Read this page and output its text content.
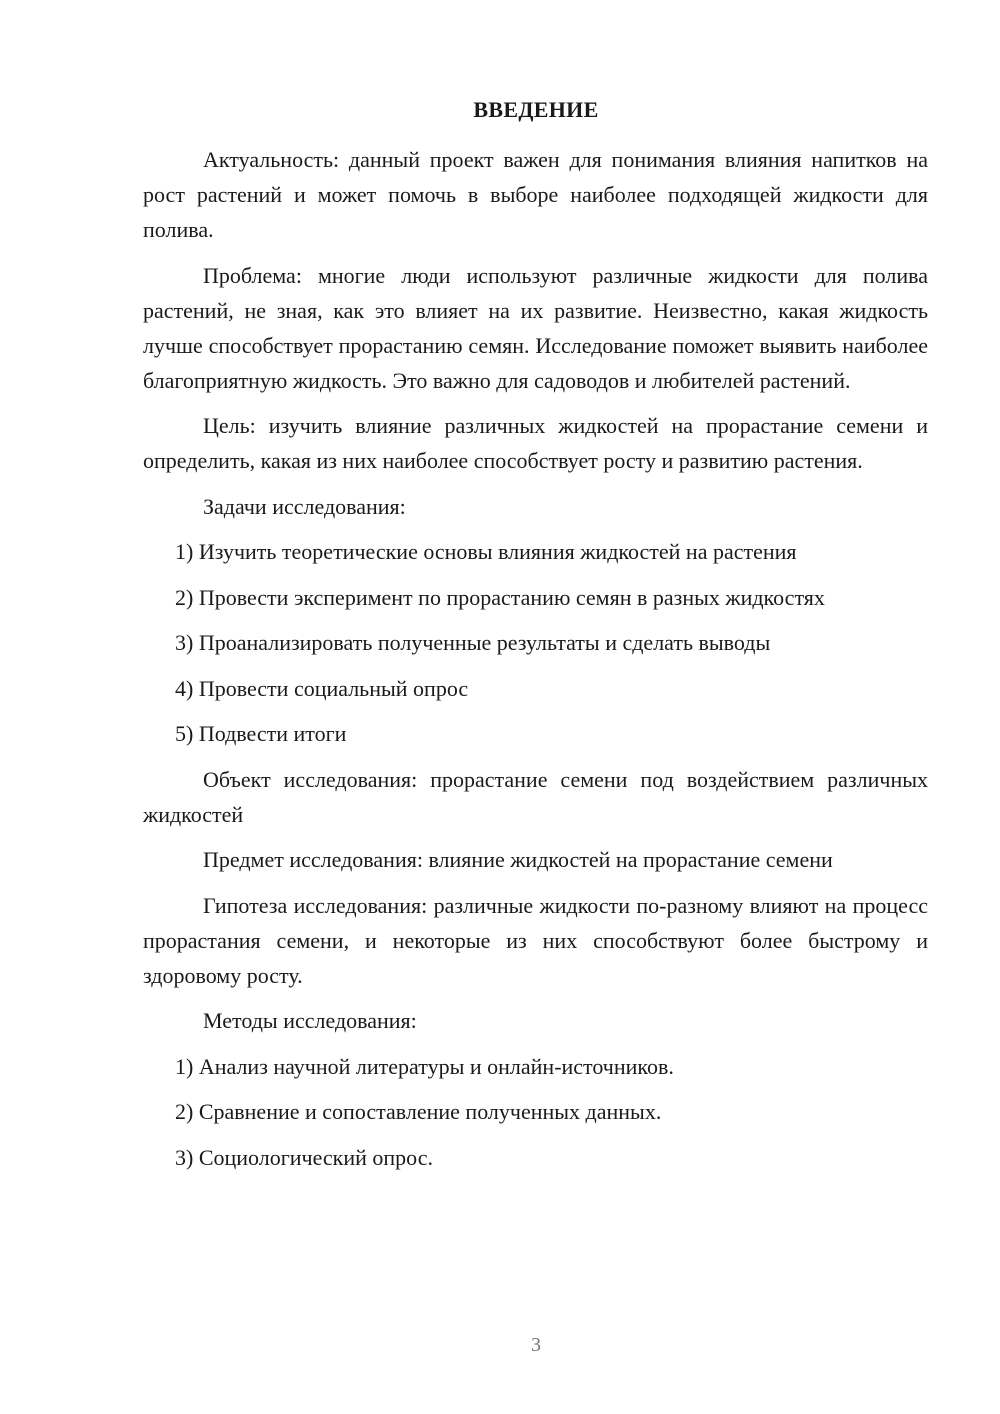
ВВЕДЕНИЕ

Актуальность: данный проект важен для понимания влияния напитков на рост растений и может помочь в выборе наиболее подходящей жидкости для полива.

Проблема: многие люди используют различные жидкости для полива растений, не зная, как это влияет на их развитие. Неизвестно, какая жидкость лучше способствует прорастанию семян. Исследование поможет выявить наиболее благоприятную жидкость. Это важно для садоводов и любителей растений.

Цель: изучить влияние различных жидкостей на прорастание семени и определить, какая из них наиболее способствует росту и развитию растения.

Задачи исследования:

1) Изучить теоретические основы влияния жидкостей на растения

2) Провести эксперимент по прорастанию семян в разных жидкостях

3) Проанализировать полученные результаты и сделать выводы

4) Провести социальный опрос

5) Подвести итоги

Объект исследования: прорастание семени под воздействием различных жидкостей

Предмет исследования: влияние жидкостей на прорастание семени

Гипотеза исследования: различные жидкости по-разному влияют на процесс прорастания семени, и некоторые из них способствуют более быстрому и здоровому росту.

Методы исследования:

1) Анализ научной литературы и онлайн-источников.

2) Сравнение и сопоставление полученных данных.

3) Социологический опрос.

3
